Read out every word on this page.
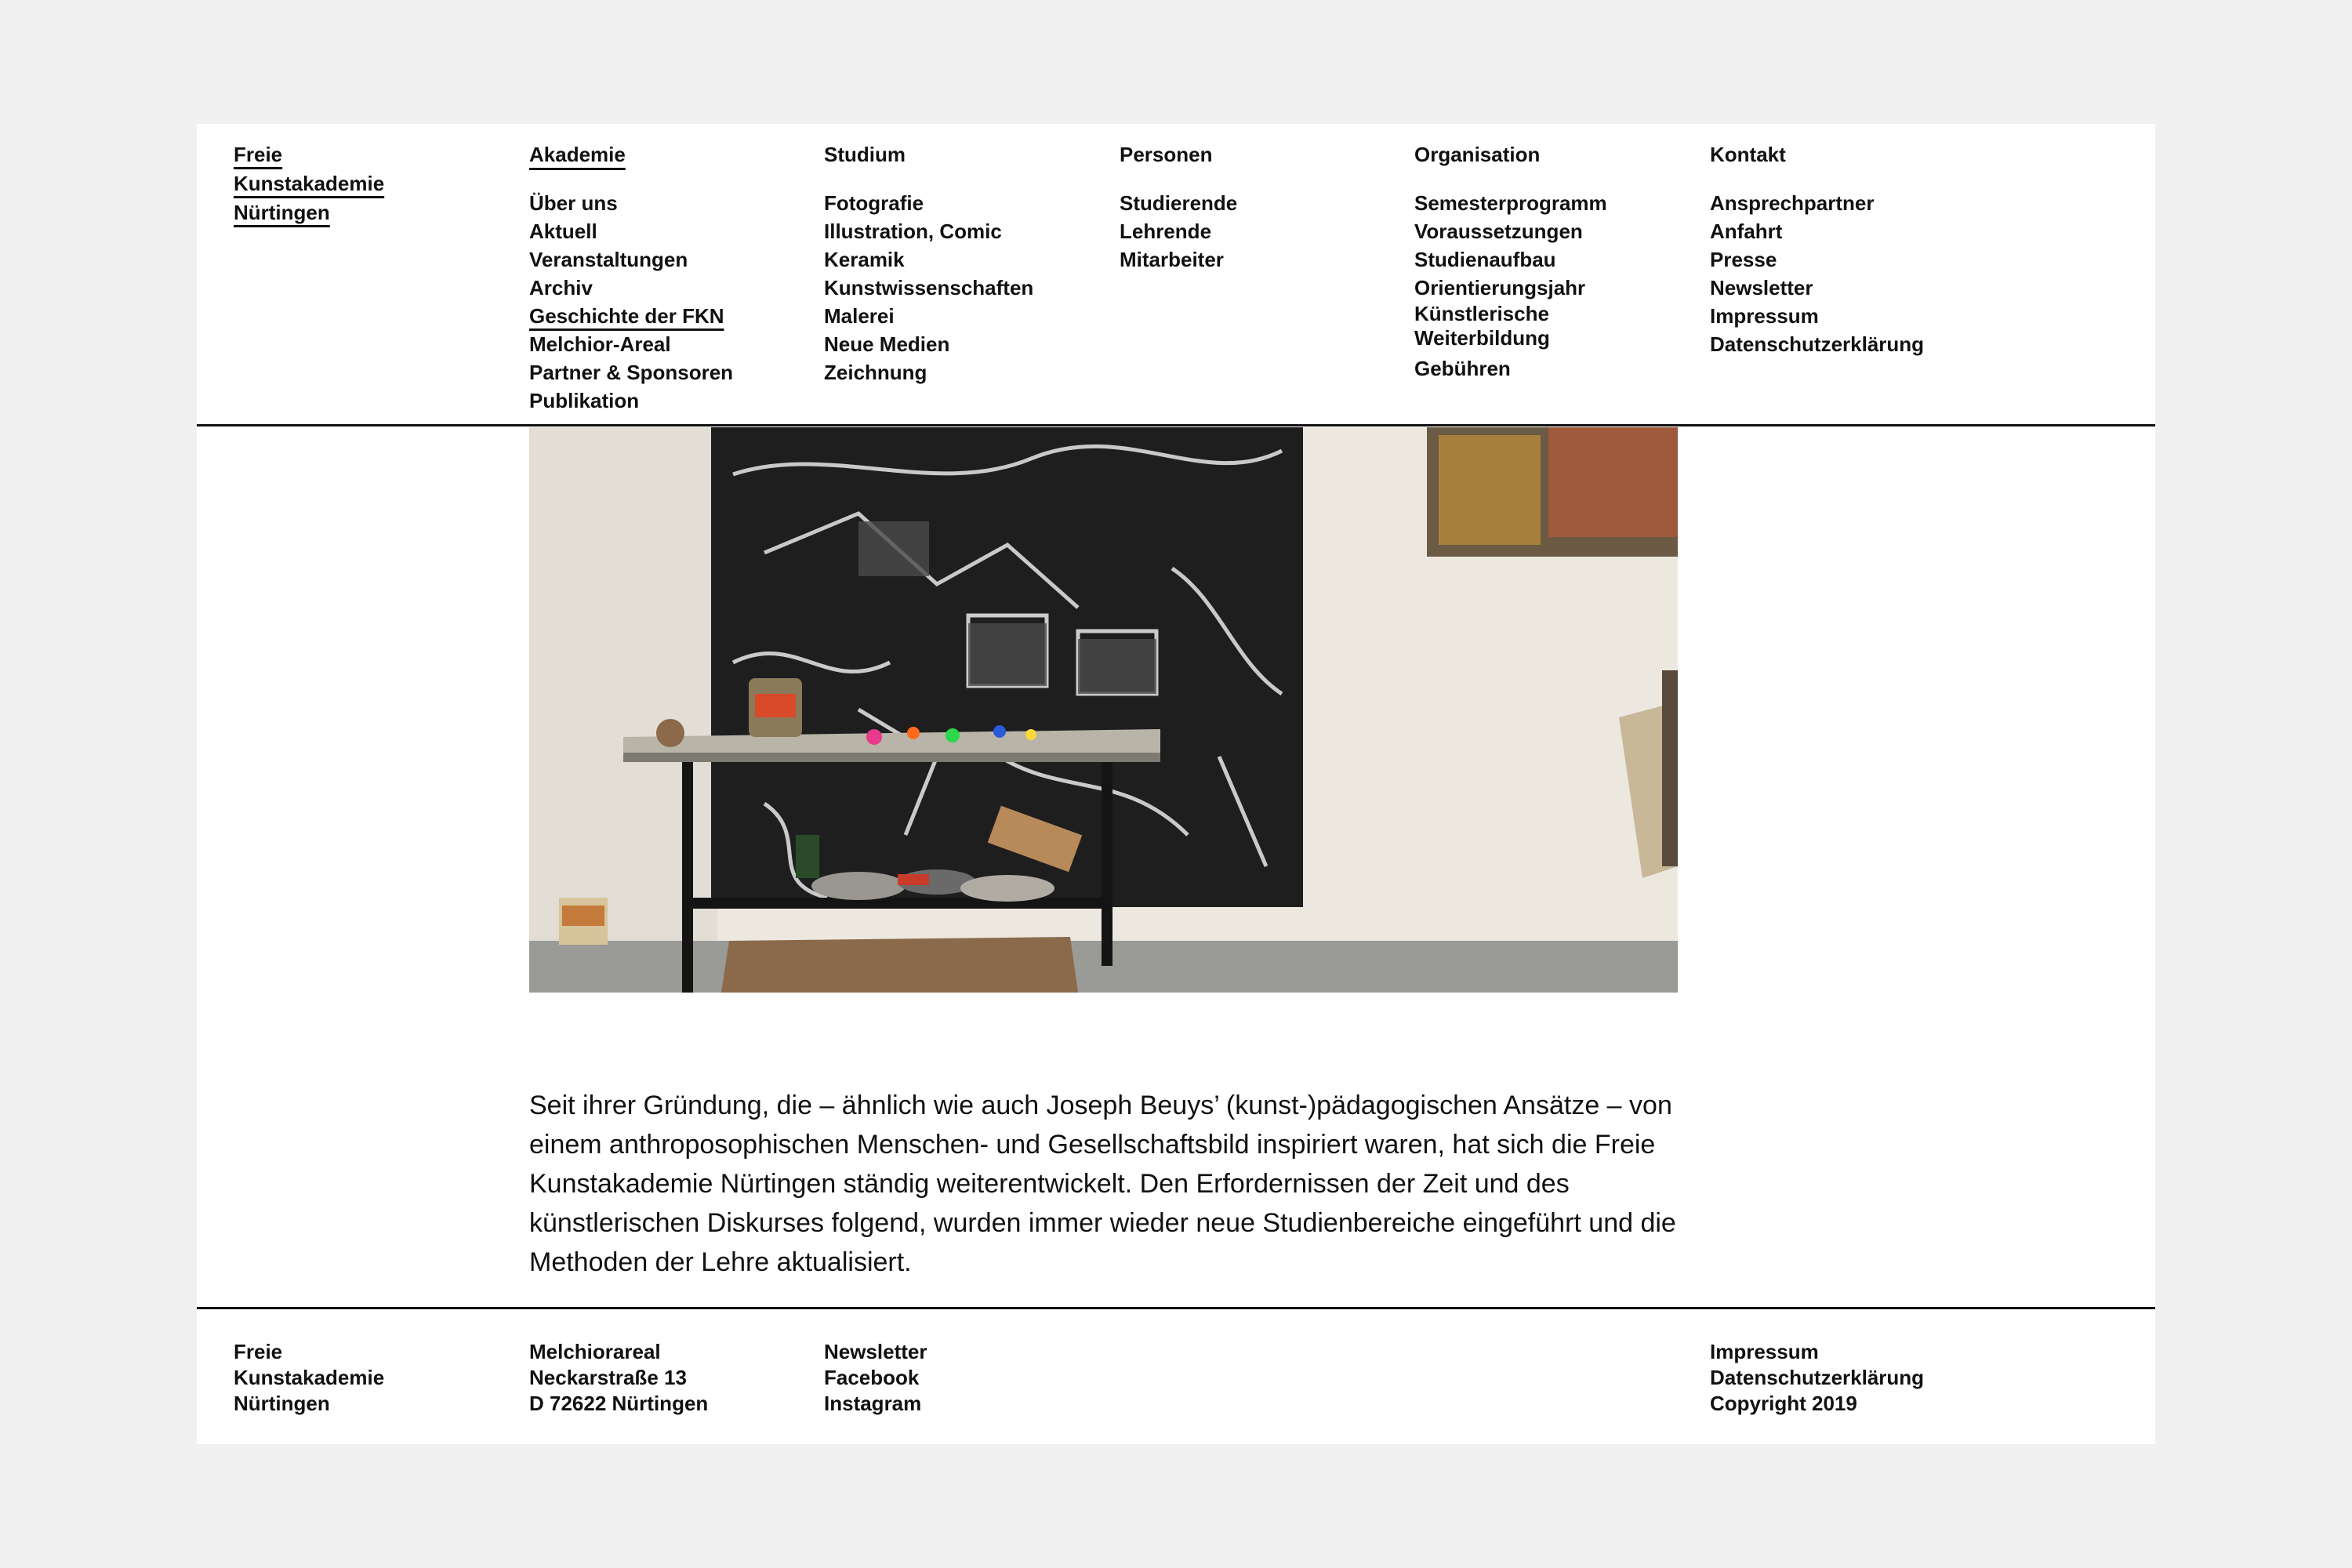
Freie
Kunstakademie
Nürtingen
Akademie
Über uns
Aktuell
Veranstaltungen
Archiv
Geschichte der FKN
Melchior-Areal
Partner & Sponsoren
Publikation
Studium
Fotografie
Illustration, Comic
Keramik
Kunstwissenschaften
Malerei
Neue Medien
Zeichnung
Personen
Studierende
Lehrende
Mitarbeiter
Organisation
Semesterprogramm
Voraussetzungen
Studienaufbau
Orientierungsjahr
Künstlerische Weiterbildung
Gebühren
Kontakt
Ansprechpartner
Anfahrt
Presse
Newsletter
Impressum
Datenschutzerklärung

Seit ihrer Gründung, die – ähnlich wie auch Joseph Beuys’ (kunst-)pädagogischen Ansätze – von einem anthroposophischen Menschen- und Gesellschaftsbild inspiriert waren, hat sich die Freie Kunstakademie Nürtingen ständig weiterentwickelt. Den Erfordernissen der Zeit und des künstlerischen Diskurses folgend, wurden immer wieder neue Studienbereiche eingeführt und die Methoden der Lehre aktualisiert.

Freie
Kunstakademie
Nürtingen
Melchiorareal
Neckarstraße 13
D 72622 Nürtingen
Newsletter
Facebook
Instagram
Impressum
Datenschutzerklärung
Copyright 2019
